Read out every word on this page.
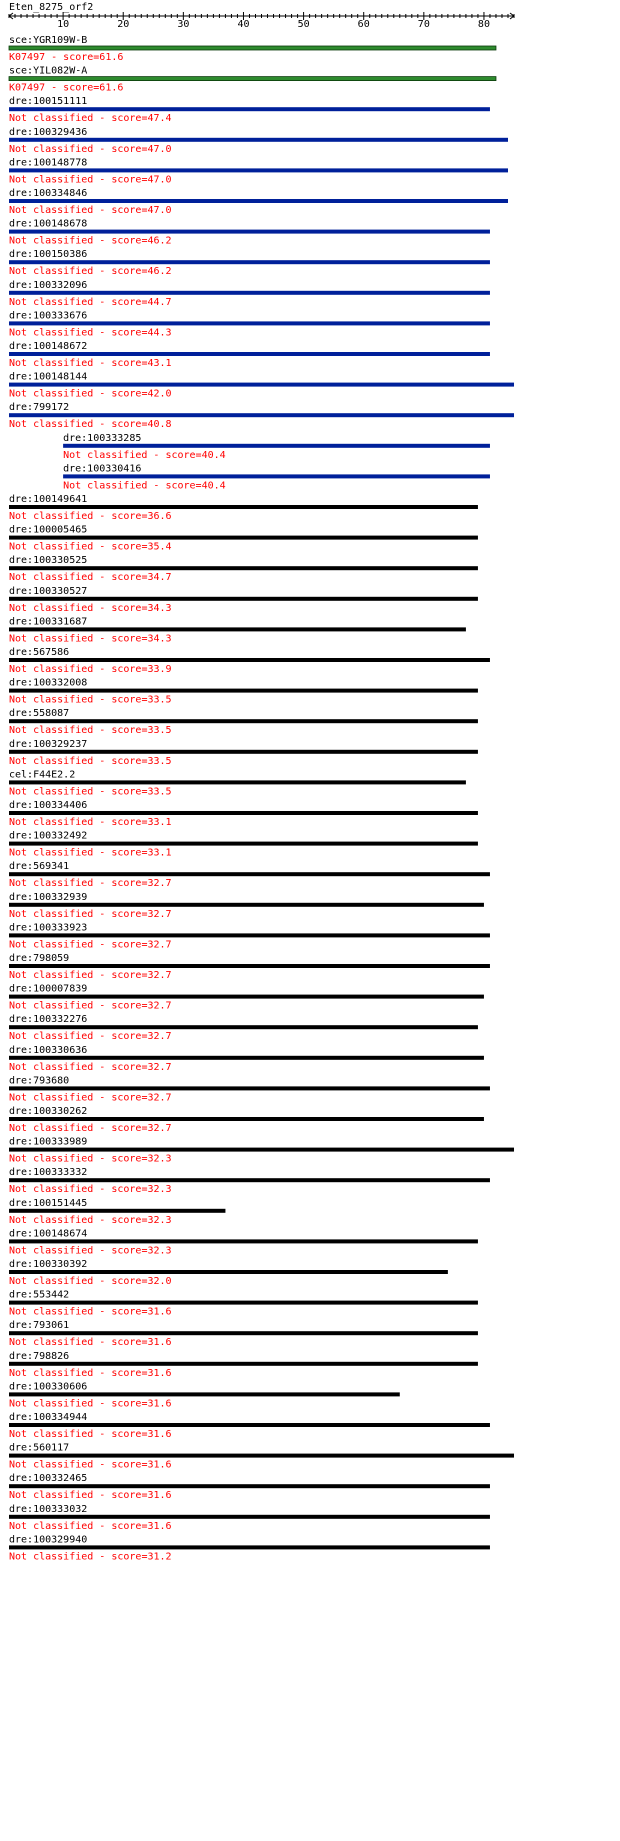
Eten_8275_orf2
10	20	30	40	50	60	70	80
sce:YGR109W-B
K07497 - score=61.6
sce:YIL082W-A
K07497 - score=61.6
dre:100151111
Not classified - score=47.4
dre:100329436
Not classified - score=47.0
dre:100148778
Not classified - score=47.0
dre:100334846
Not classified - score=47.0
dre:100148678
Not classified - score=46.2
dre:100150386
Not classified - score=46.2
dre:100332096
Not classified - score=44.7
dre:100333676
Not classified - score=44.3
dre:100148672
Not classified - score=43.1
dre:100148144
Not classified - score=42.0
dre:799172
Not classified - score=40.8
dre:100333285
Not classified - score=40.4
dre:100330416
Not classified - score=40.4
dre:100149641
Not classified - score=36.6
dre:100005465
Not classified - score=35.4
dre:100330525
Not classified - score=34.7
dre:100330527
Not classified - score=34.3
dre:100331687
Not classified - score=34.3
dre:567586
Not classified - score=33.9
dre:100332008
Not classified - score=33.5
dre:558087
Not classified - score=33.5
dre:100329237
Not classified - score=33.5
cel:F44E2.2
Not classified - score=33.5
dre:100334406
Not classified - score=33.1
dre:100332492
Not classified - score=33.1
dre:569341
Not classified - score=32.7
dre:100332939
Not classified - score=32.7
dre:100333923
Not classified - score=32.7
dre:798059
Not classified - score=32.7
dre:100007839
Not classified - score=32.7
dre:100332276
Not classified - score=32.7
dre:100330636
Not classified - score=32.7
dre:793680
Not classified - score=32.7
dre:100330262
Not classified - score=32.7
dre:100333989
Not classified - score=32.3
dre:100333332
Not classified - score=32.3
dre:100151445
Not classified - score=32.3
dre:100148674
Not classified - score=32.3
dre:100330392
Not classified - score=32.0
dre:553442
Not classified - score=31.6
dre:793061
Not classified - score=31.6
dre:798826
Not classified - score=31.6
dre:100330606
Not classified - score=31.6
dre:100334944
Not classified - score=31.6
dre:560117
Not classified - score=31.6
dre:100332465
Not classified - score=31.6
dre:100333032
Not classified - score=31.6
dre:100329940
Not classified - score=31.2
